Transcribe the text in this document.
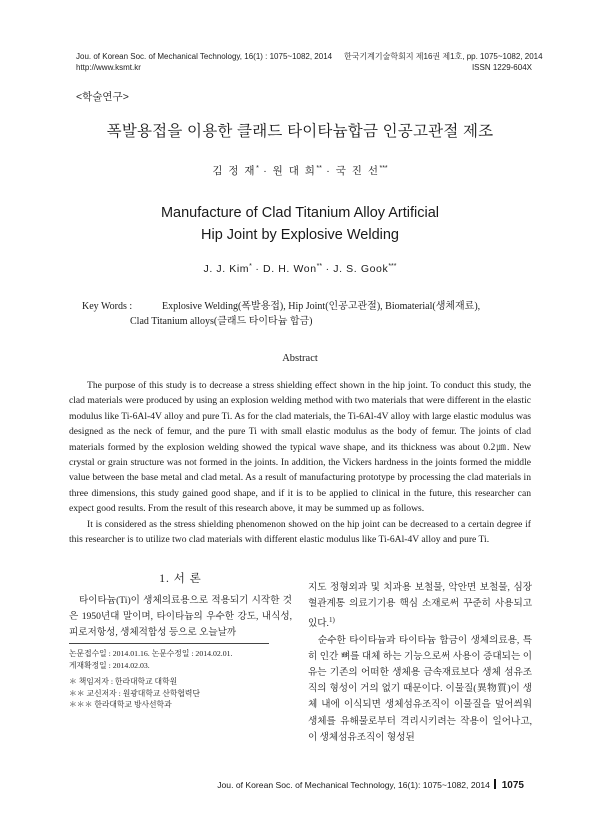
Jou. of Korean Soc. of Mechanical Technology, 16(1) : 1075~1082, 2014
http://www.ksmt.kr
한국기계기술학회지 제16권 제1호, pp. 1075~1082, 2014
ISSN 1229-604X
<학술연구>
폭발용접을 이용한 클래드 타이타늄합금 인공고관절 제조
김 정 재* · 원 대 희** · 국 진 선***
Manufacture of Clad Titanium Alloy Artificial
Hip Joint by Explosive Welding
J. J. Kim* · D. H. Won** · J. S. Gook***
Key Words :	Explosive Welding(폭발용접), Hip Joint(인공고관절), Biomaterial(생체재료),
Clad Titanium alloys(클래드 타이타늄 합금)
Abstract

The purpose of this study is to decrease a stress shielding effect shown in the hip joint. To conduct this study, the clad materials were produced by using an explosion welding method with two materials that were different in the elastic modulus like Ti-6Al-4V alloy and pure Ti. As for the clad materials, the Ti-6Al-4V alloy with large elastic modulus was designed as the neck of femur, and the pure Ti with small elastic modulus as the body of femur. The joints of clad materials formed by the explosion welding showed the typical wave shape, and its thickness was about 0.2㎛. New crystal or grain structure was not formed in the joints. In addition, the Vickers hardness in the joints formed the middle value between the base metal and clad metal. As a result of manufacturing prototype by processing the clad materials in three dimensions, this study gained good shape, and if it is to be applied to clinical in the future, this researcher can expect good results. From the result of this research above, it may be summed up as follows.

It is considered as the stress shielding phenomenon showed on the hip joint can be decreased to a certain degree if this researcher is to utilize two clad materials with different elastic modulus like Ti-6Al-4V alloy and pure Ti.

1. 서 론

타이타늄(Ti)이 생체의료용으로 적용되기 시작한 것은 1950년대 말이며, 타이타늄의 우수한 강도, 내식성, 피로저항성, 생체적합성 등으로 오늘날까

논문접수일 : 2014.01.16. 논문수정일 : 2014.02.01.
게재확정일 : 2014.02.03.
＊ 책임저자 : 한라대학교 대학원
＊＊ 교신저자 : 원광대학교 산학협력단
＊＊＊ 한라대학교 방사선학과

지도 정형외과 및 치과용 보철물, 악안면 보철물, 심장혈관계통 의료기기용 핵심 소재로써 꾸준히 사용되고 있다.$^{1)}$

순수한 타이타늄과 타이타늄 합금이 생체의료용, 특히 인간 뼈를 대체 하는 기능으로써 사용이 증대되는 이유는 기존의 어떠한 생체용 금속재료보다 생체 섬유조직의 형성이 거의 없기 때문이다. 이물질(異物質)이 생체 내에 이식되면 생체섬유조직이 이물질을 덮어씌워 생체를 유해물로부터 격리시키려는 작용이 일어나고, 이 생체섬유조직이 형성된

Jou. of Korean Soc. of Mechanical Technology, 16(1): 1075~1082, 2014 1075
